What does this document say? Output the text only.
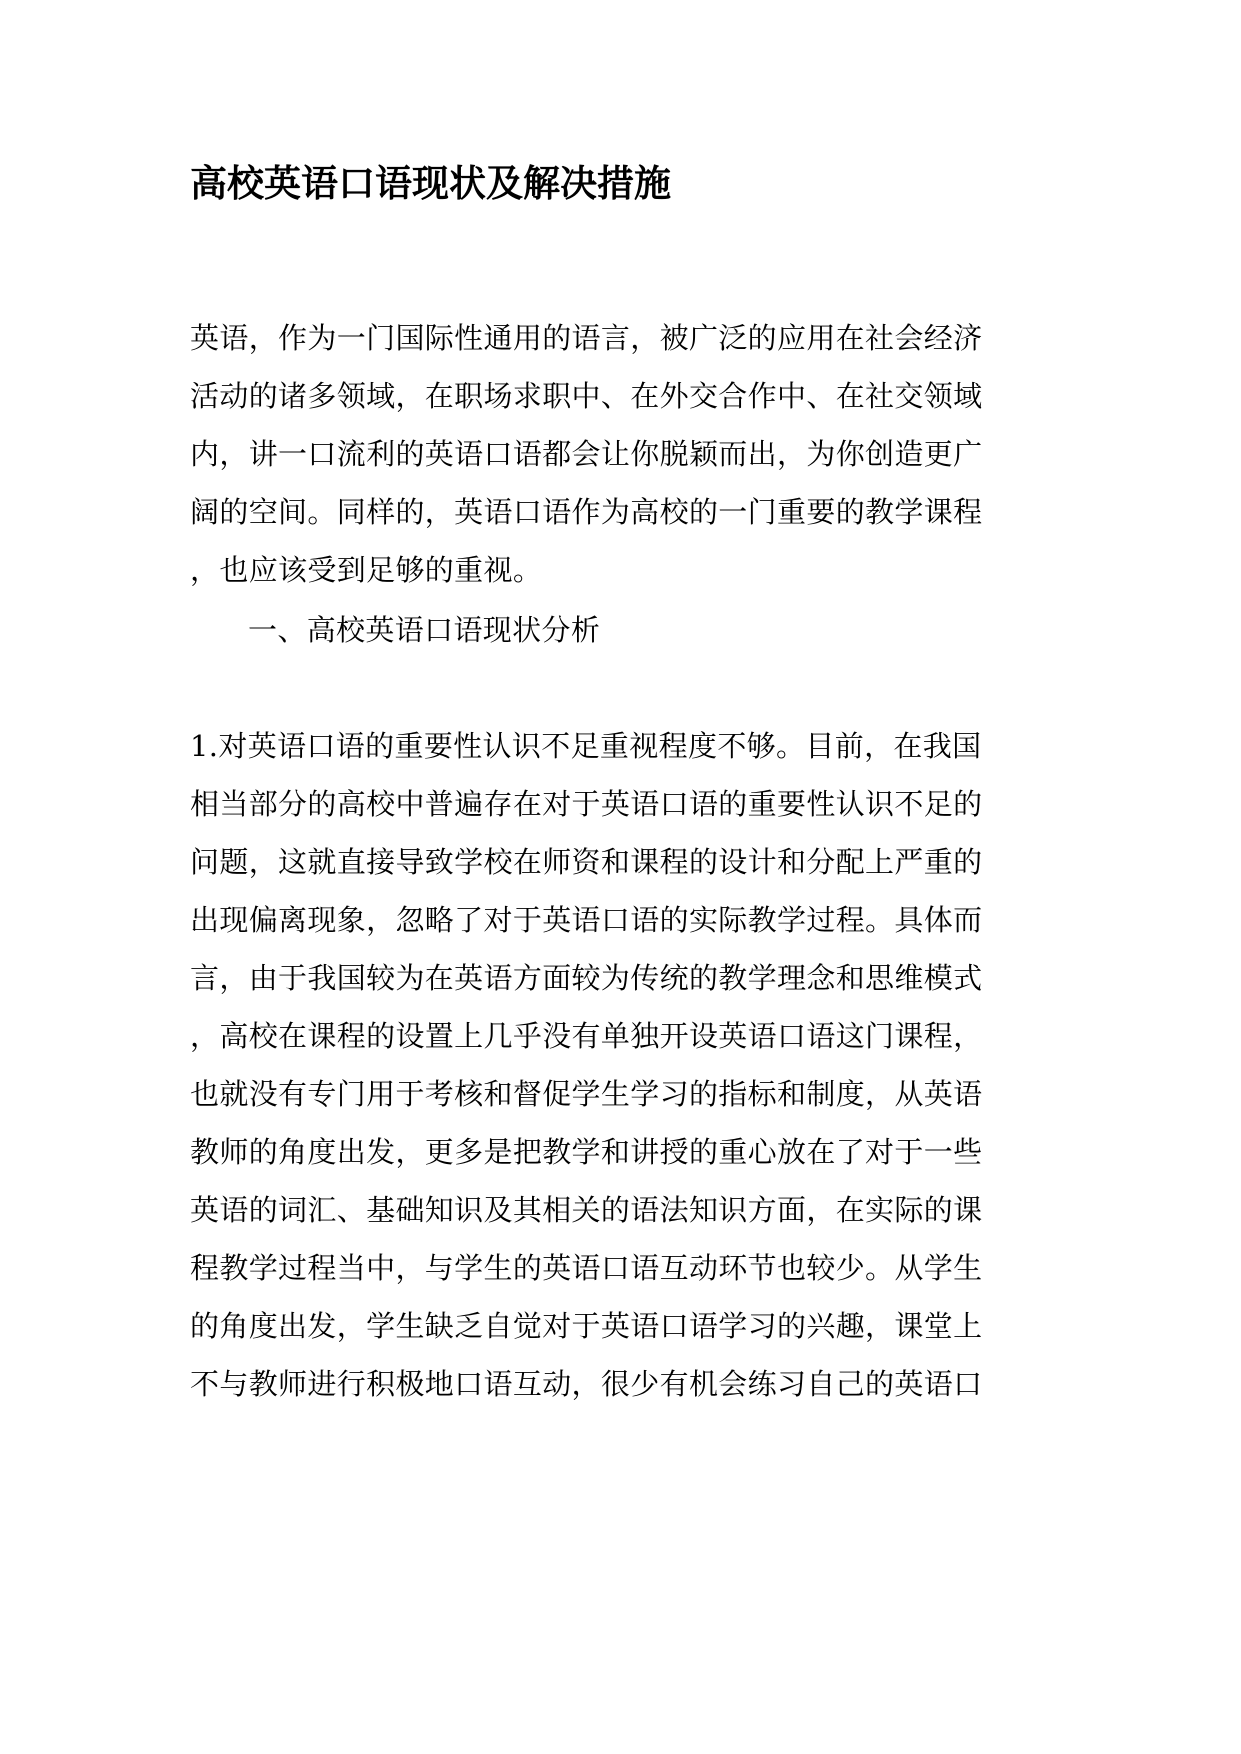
高校英语口语现状及解决措施

英语，作为一门国际性通用的语言，被广泛的应用在社会经济

活动的诸多领域，在职场求职中、在外交合作中、在社交领域

内，讲一口流利的英语口语都会让你脱颖而出，为你创造更广

阔的空间。同样的，英语口语作为高校的一门重要的教学课程

，也应该受到足够的重视。

一、高校英语口语现状分析

1.对英语口语的重要性认识不足重视程度不够。目前，在我国

相当部分的高校中普遍存在对于英语口语的重要性认识不足的

问题，这就直接导致学校在师资和课程的设计和分配上严重的

出现偏离现象，忽略了对于英语口语的实际教学过程。具体而

言，由于我国较为在英语方面较为传统的教学理念和思维模式

，高校在课程的设置上几乎没有单独开设英语口语这门课程，

也就没有专门用于考核和督促学生学习的指标和制度，从英语

教师的角度出发，更多是把教学和讲授的重心放在了对于一些

英语的词汇、基础知识及其相关的语法知识方面，在实际的课

程教学过程当中，与学生的英语口语互动环节也较少。从学生

的角度出发，学生缺乏自觉对于英语口语学习的兴趣，课堂上

不与教师进行积极地口语互动，很少有机会练习自己的英语口
